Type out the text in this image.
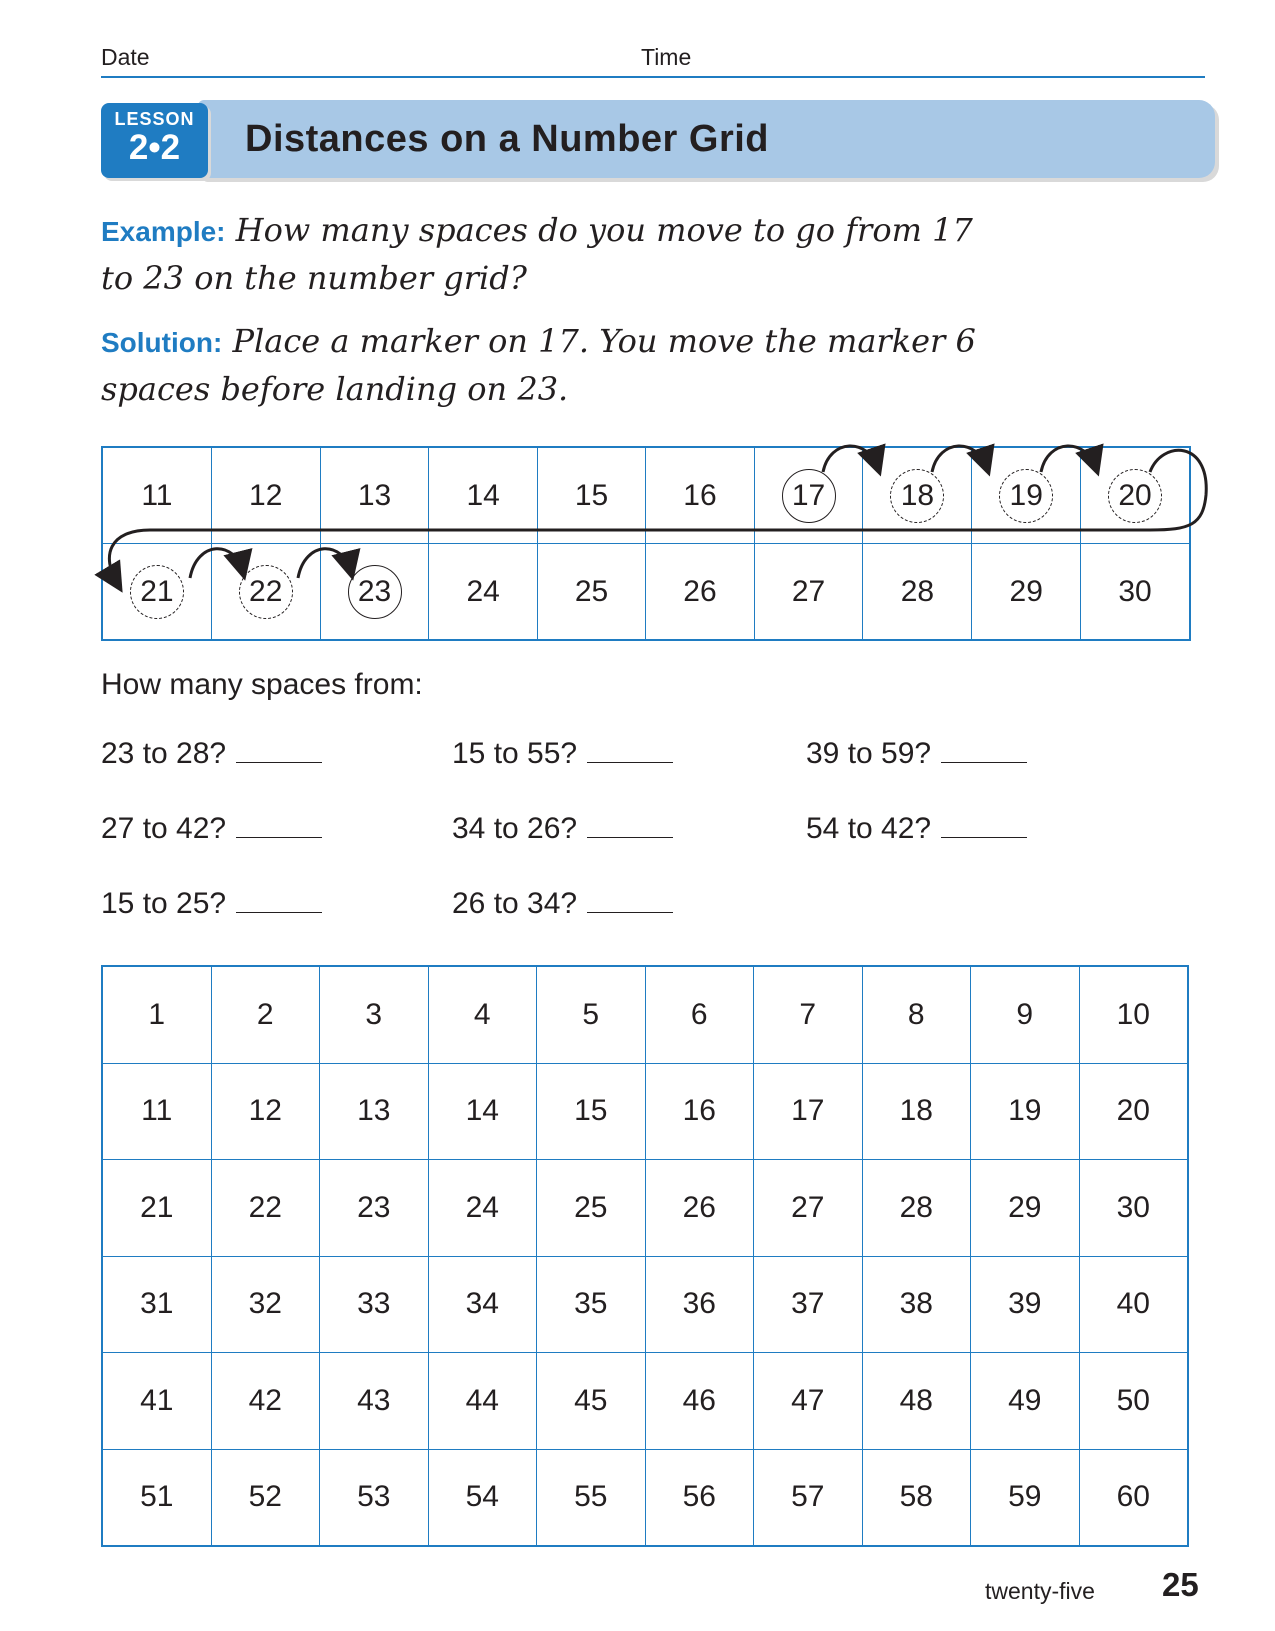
Date	Time
LESSON
2•2	Distances on a Number Grid
Example: How many spaces do you move to go from 17 to 23 on the number grid?
Solution: Place a marker on 17. You move the marker 6 spaces before landing on 23.
11	12	13	14	15	16	17	18	19	20
21	22	23	24	25	26	27	28	29	30
How many spaces from:
23 to 28?	15 to 55?	39 to 59?
27 to 42?	34 to 26?	54 to 42?
15 to 25?	26 to 34?
1	2	3	4	5	6	7	8	9	10
11	12	13	14	15	16	17	18	19	20
21	22	23	24	25	26	27	28	29	30
31	32	33	34	35	36	37	38	39	40
41	42	43	44	45	46	47	48	49	50
51	52	53	54	55	56	57	58	59	60
twenty-five 25
